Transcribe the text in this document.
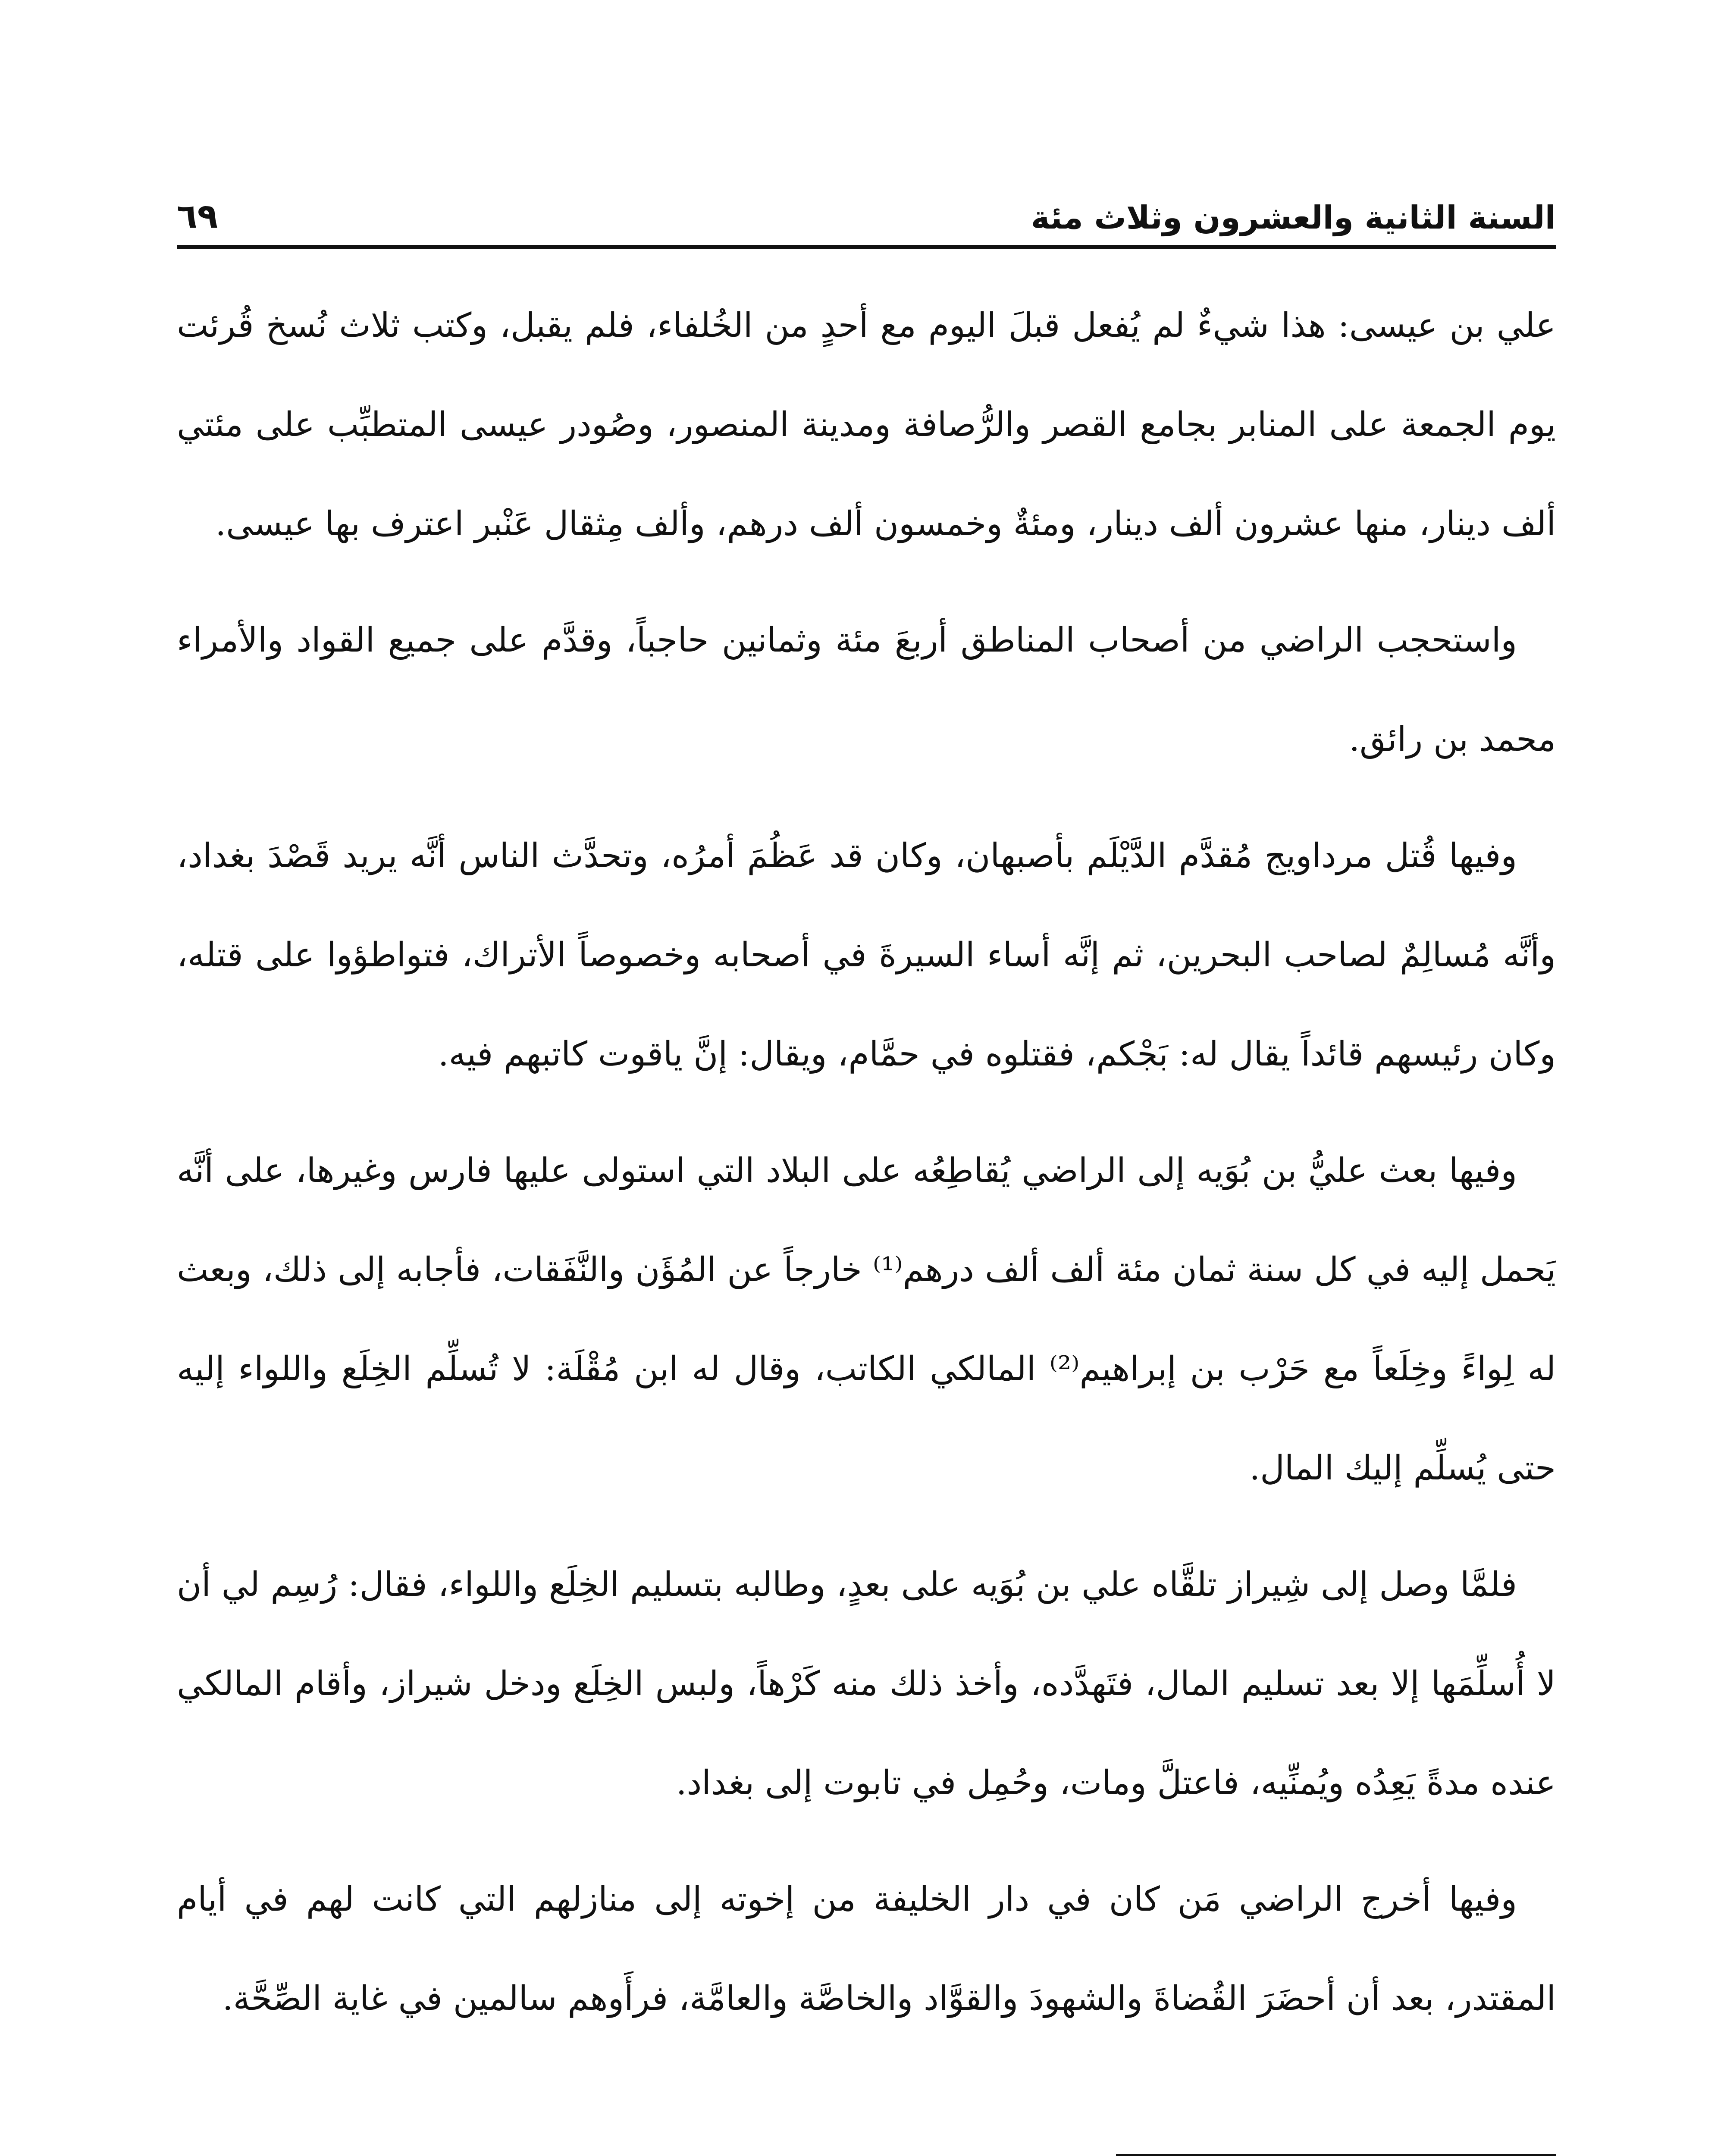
السنة الثانية والعشرون وثلاث مئة
٦٩

علي بن عيسى: هذا شيءٌ لم يُفعل قبلَ اليوم مع أحدٍ من الخُلفاء، فلم يقبل، وكتب ثلاث نُسخ قُرئت يوم الجمعة على المنابر بجامع القصر والرُّصافة ومدينة المنصور، وصُودر عيسى المتطبِّب على مئتي ألف دينار، منها عشرون ألف دينار، ومئةٌ وخمسون ألف درهم، وألف مِثقال عَنْبر اعترف بها عيسى.

واستحجب الراضي من أصحاب المناطق أربعَ مئة وثمانين حاجباً، وقدَّم على جميع القواد والأمراء محمد بن رائق.

وفيها قُتل مرداويج مُقدَّم الدَّيْلَم بأصبهان، وكان قد عَظُمَ أمرُه، وتحدَّث الناس أنَّه يريد قَصْدَ بغداد، وأنَّه مُسالِمٌ لصاحب البحرين، ثم إنَّه أساء السيرةَ في أصحابه وخصوصاً الأتراك، فتواطؤوا على قتله، وكان رئيسهم قائداً يقال له: بَجْكم، فقتلوه في حمَّام، ويقال: إنَّ ياقوت كاتبهم فيه.

وفيها بعث عليُّ بن بُوَيه إلى الراضي يُقاطِعُه على البلاد التي استولى عليها فارس وغيرها، على أنَّه يَحمل إليه في كل سنة ثمان مئة ألف ألف درهم⁽¹⁾ خارجاً عن المُؤَن والنَّفَقات، فأجابه إلى ذلك، وبعث له لِواءً وخِلَعاً مع حَرْب بن إبراهيم⁽²⁾ المالكي الكاتب، وقال له ابن مُقْلَة: لا تُسلِّم الخِلَع واللواء إليه حتى يُسلِّم إليك المال.

فلمَّا وصل إلى شِيراز تلقَّاه علي بن بُوَيه على بعدٍ، وطالبه بتسليم الخِلَع واللواء، فقال: رُسِم لي أن لا أُسلِّمَها إلا بعد تسليم المال، فتَهدَّده، وأخذ ذلك منه كَرْهاً، ولبس الخِلَع ودخل شيراز، وأقام المالكي عنده مدةً يَعِدُه ويُمنِّيه، فاعتلَّ ومات، وحُمِل في تابوت إلى بغداد.

وفيها أخرج الراضي مَن كان في دار الخليفة من إخوته إلى منازلهم التي كانت لهم في أيام المقتدر، بعد أن أحضَرَ القُضاةَ والشهودَ والقوَّاد والخاصَّة والعامَّة، فرأَوهم سالمين في غاية الصِّحَّة.
